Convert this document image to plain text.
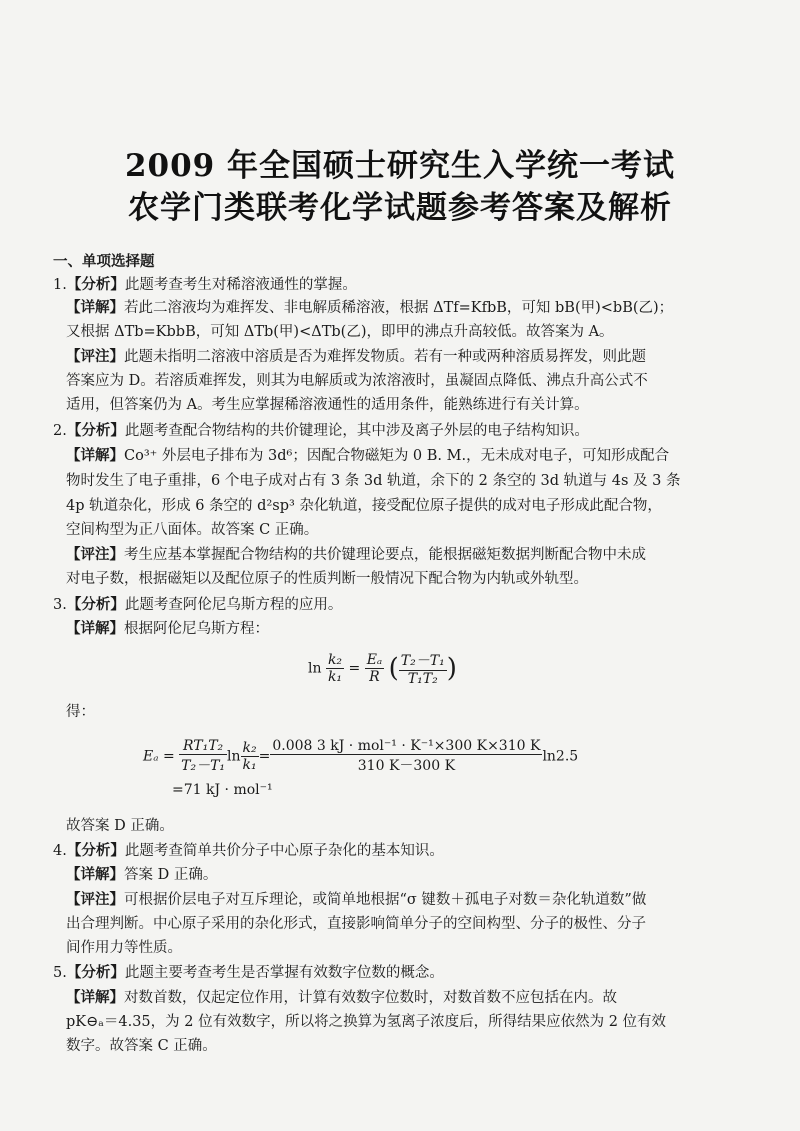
2009 年全国硕士研究生入学统一考试
农学门类联考化学试题参考答案及解析
一、单项选择题
1.【分析】此题考查考生对稀溶液通性的掌握。
【详解】若此二溶液均为难挥发、非电解质稀溶液，根据 ΔTf=KfbB，可知 bB(甲)<bB(乙)；
又根据 ΔTb=KbbB，可知 ΔTb(甲)<ΔTb(乙)，即甲的沸点升高较低。故答案为 A。
【评注】此题未指明二溶液中溶质是否为难挥发物质。若有一种或两种溶质易挥发，则此题
答案应为 D。若溶质难挥发，则其为电解质或为浓溶液时，虽凝固点降低、沸点升高公式不
适用，但答案仍为 A。考生应掌握稀溶液通性的适用条件，能熟练进行有关计算。
2.【分析】此题考查配合物结构的共价键理论，其中涉及离子外层的电子结构知识。
【详解】Co³⁺ 外层电子排布为 3d⁶；因配合物磁矩为 0 B. M.，无未成对电子，可知形成配合
物时发生了电子重排，6 个电子成对占有 3 条 3d 轨道，余下的 2 条空的 3d 轨道与 4s 及 3 条
4p 轨道杂化，形成 6 条空的 d²sp³ 杂化轨道，接受配位原子提供的成对电子形成此配合物，
空间构型为正八面体。故答案 C 正确。
【评注】考生应基本掌握配合物结构的共价键理论要点，能根据磁矩数据判断配合物中未成
对电子数，根据磁矩以及配位原子的性质判断一般情况下配合物为内轨或外轨型。
3.【分析】此题考查阿伦尼乌斯方程的应用。
【详解】根据阿伦尼乌斯方程：
$\ln \frac{\text{k₂}}{\text{k₁}} = \frac{\text{Eₐ}}{R}$ ( $\frac{\text{T₂－T₁}}{\text{T₁T₂}}$ )
得：
$E_a = \frac{\text{RT₁T₂}}{\text{T₂－T₁}}$ $\ln \frac{\text{k₂}}{\text{k₁}} = \frac{\text{0.008 3 kJ · mol⁻¹ · K⁻¹×300 K×310 K}}{310 K-300 K} \ln 2.5$
=71 kJ · mol⁻¹
故答案 D 正确。
4.【分析】此题考查简单共价分子中心原子杂化的基本知识。
【详解】答案 D 正确。
【评注】可根据价层电子对互斥理论，或简单地根据“σ 键数＋孤电子对数＝杂化轨道数”做
出合理判断。中心原子采用的杂化形式，直接影响简单分子的空间构型、分子的极性、分子
间作用力等性质。
5.【分析】此题主要考查考生是否掌握有效数字位数的概念。
【详解】对数首数，仅起定位作用，计算有效数字位数时，对数首数不应包括在内。故
pK⊖ₐ＝4.35，为 2 位有效数字，所以将之换算为氢离子浓度后，所得结果应依然为 2 位有效
数字。故答案 C 正确。
